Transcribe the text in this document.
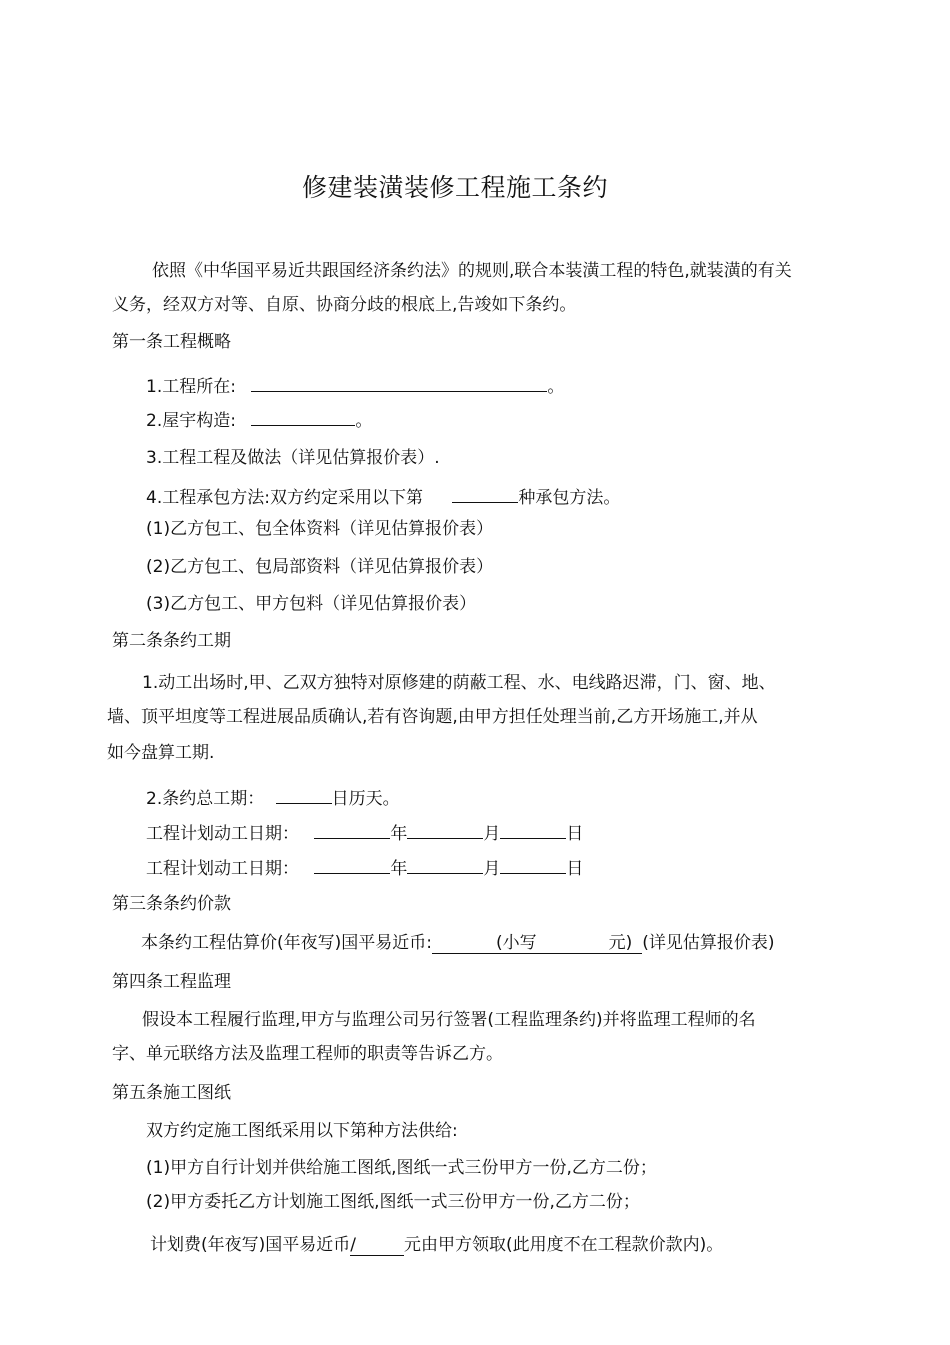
修建装潢装修工程施工条约
依照《中华国平易近共跟国经济条约法》的规则,联合本装潢工程的特色,就装潢的有关
义务，经双方对等、自原、协商分歧的根底上,告竣如下条约。
第一条工程概略
1.工程所在:	。
2.屋宇构造:	。
3.工程工程及做法（详见估算报价表）.
4.工程承包方法:双方约定采用以下第	种承包方法。
(1)乙方包工、包全体资料（详见估算报价表）
(2)乙方包工、包局部资料（详见估算报价表）
(3)乙方包工、甲方包料（详见估算报价表）
第二条条约工期
1.动工出场时,甲、乙双方独特对原修建的荫蔽工程、水、电线路迟滞，门、窗、地、
墙、顶平坦度等工程进展品质确认,若有咨询题,由甲方担任处理当前,乙方开场施工,并从
如今盘算工期.
2.条约总工期：	日历天。
工程计划动工日期：	年	月	日
工程计划动工日期：	年	月	日
第三条条约价款
本条约工程估算价(年夜写)国平易近币:	(小写	元) (详见估算报价表)
第四条工程监理
假设本工程履行监理,甲方与监理公司另行签署(工程监理条约)并将监理工程师的名
字、单元联络方法及监理工程师的职责等告诉乙方。
第五条施工图纸
双方约定施工图纸采用以下第种方法供给:
(1)甲方自行计划并供给施工图纸,图纸一式三份甲方一份,乙方二份；
(2)甲方委托乙方计划施工图纸,图纸一式三份甲方一份,乙方二份；
计划费(年夜写)国平易近币/	元由甲方领取(此用度不在工程款价款内)。
